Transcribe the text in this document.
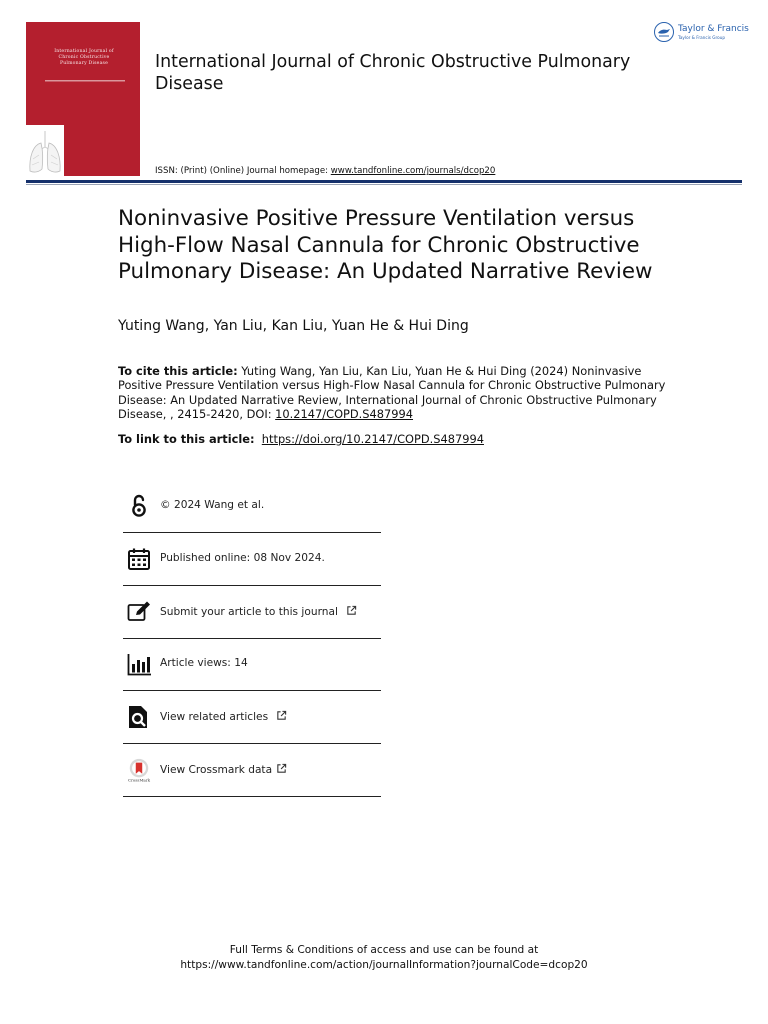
International Journal of
Chronic Obstructive
Pulmonary Disease	International Journal of Chronic Obstructive Pulmonary Disease
ISSN: (Print) (Online) Journal homepage: www.tandfonline.com/journals/dcop20
Taylor & Francis
Taylor & Francis Group
Noninvasive Positive Pressure Ventilation versus High-Flow Nasal Cannula for Chronic Obstructive Pulmonary Disease: An Updated Narrative Review
Yuting Wang, Yan Liu, Kan Liu, Yuan He & Hui Ding
To cite this article: Yuting Wang, Yan Liu, Kan Liu, Yuan He & Hui Ding (2024) Noninvasive Positive Pressure Ventilation versus High-Flow Nasal Cannula for Chronic Obstructive Pulmonary Disease: An Updated Narrative Review, International Journal of Chronic Obstructive Pulmonary Disease, , 2415-2420, DOI: 10.2147/COPD.S487994
To link to this article: https://doi.org/10.2147/COPD.S487994
© 2024 Wang et al.
Published online: 08 Nov 2024.
Submit your article to this journal
Article views: 14
View related articles
CrossMark
View Crossmark data
Full Terms & Conditions of access and use can be found at
https://www.tandfonline.com/action/journalInformation?journalCode=dcop20
